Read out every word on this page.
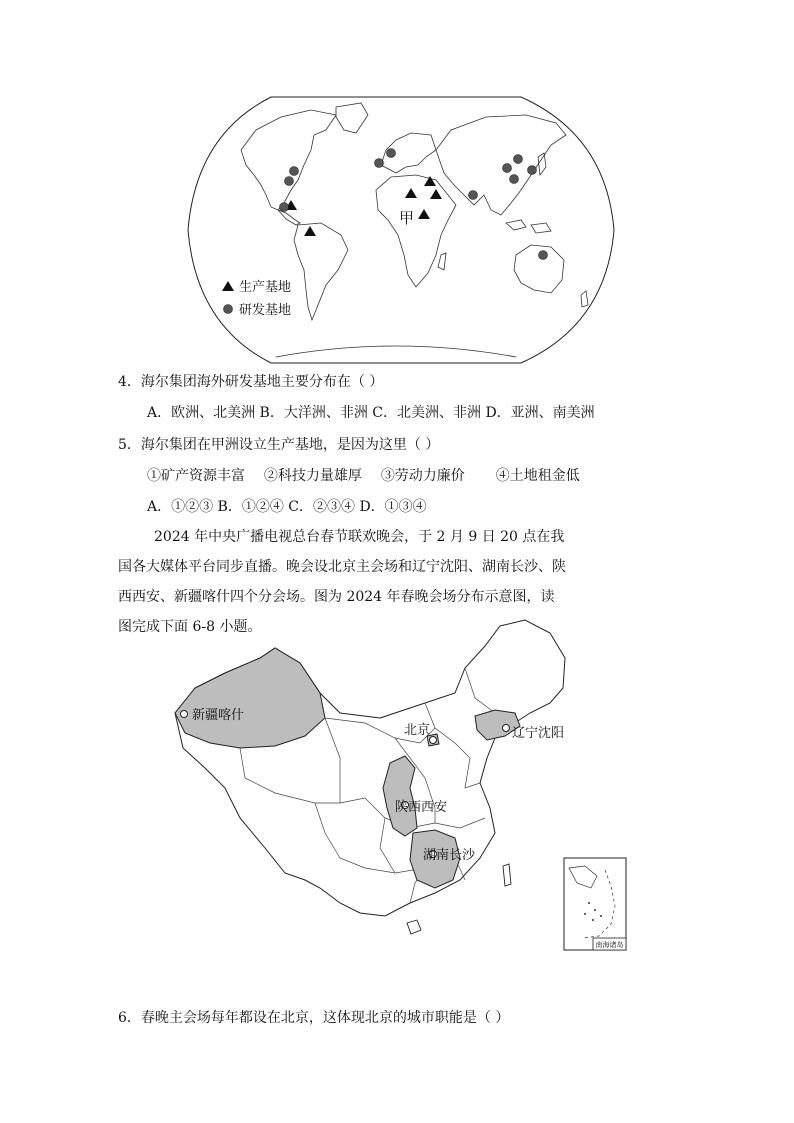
甲
生产基地
研发基地
4．海尔集团海外研发基地主要分布在（ ）
A．欧洲、北美洲 B．大洋洲、非洲 C．北美洲、非洲 D．亚洲、南美洲
5．海尔集团在甲洲设立生产基地，是因为这里（ ）
①矿产资源丰富 ②科技力量雄厚 ③劳动力廉价 ④土地租金低
A．①②③ B．①②④ C．②③④ D．①③④
2024 年中央广播电视总台春节联欢晚会，于 2 月 9 日 20 点在我国各大媒体平台同步直播。晚会设北京主会场和辽宁沈阳、湖南长沙、陕西西安、新疆喀什四个分会场。图为 2024 年春晚会场分布示意图，读图完成下面 6-8 小题。
新疆喀什
北京	辽宁沈阳
陕西西安
湖南长沙
南海诸岛
6．春晚主会场每年都设在北京，这体现北京的城市职能是（ ）
